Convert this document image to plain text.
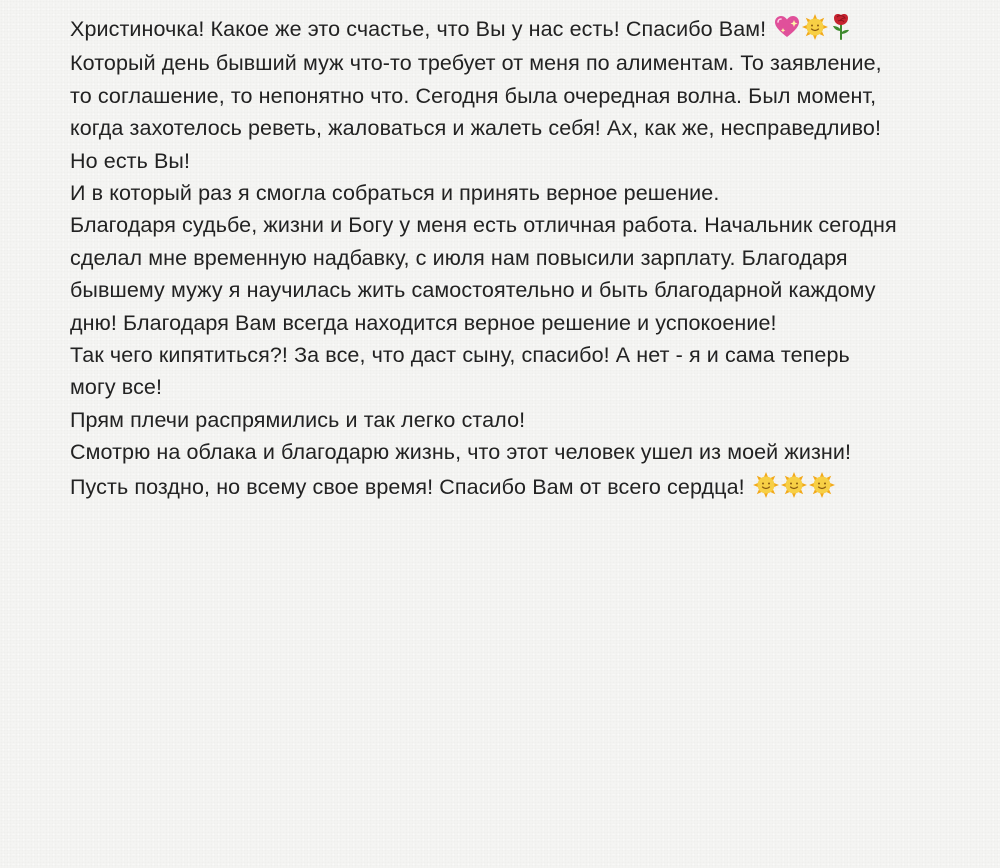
Христиночка! Какое же это счастье, что Вы у нас есть! Спасибо Вам!
Который день бывший муж что-то требует от меня по алиментам. То заявление,
то соглашение, то непонятно что. Сегодня была очередная волна. Был момент,
когда захотелось реветь, жаловаться и жалеть себя! Ах, как же, несправедливо!
Но есть Вы!
И в который раз я смогла собраться и принять верное решение.
Благодаря судьбе, жизни и Богу у меня есть отличная работа. Начальник сегодня
сделал мне временную надбавку, с июля нам повысили зарплату. Благодаря
бывшему мужу я научилась жить самостоятельно и быть благодарной каждому
дню! Благодаря Вам всегда находится верное решение и успокоение!
Так чего кипятиться?! За все, что даст сыну, спасибо! А нет - я и сама теперь
могу все!
Прям плечи распрямились и так легко стало!
Смотрю на облака и благодарю жизнь, что этот человек ушел из моей жизни!
Пусть поздно, но всему свое время! Спасибо Вам от всего сердца!
